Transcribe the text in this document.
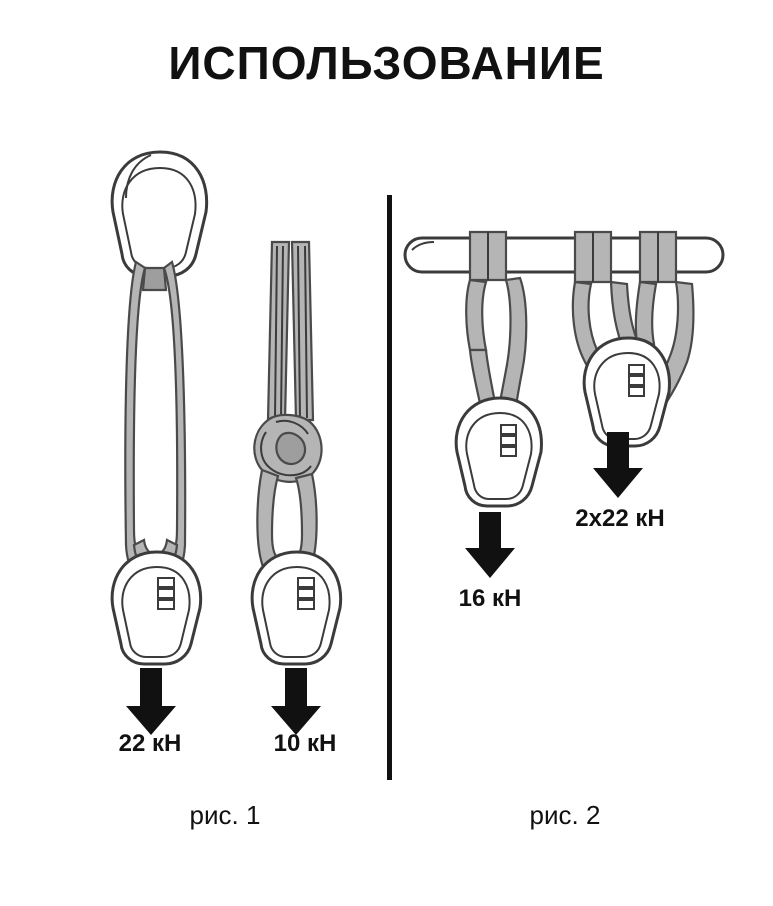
ИСПОЛЬЗОВАНИЕ
22 кН	10 кН
16 кН
2x22 кН
рис. 1	рис. 2
